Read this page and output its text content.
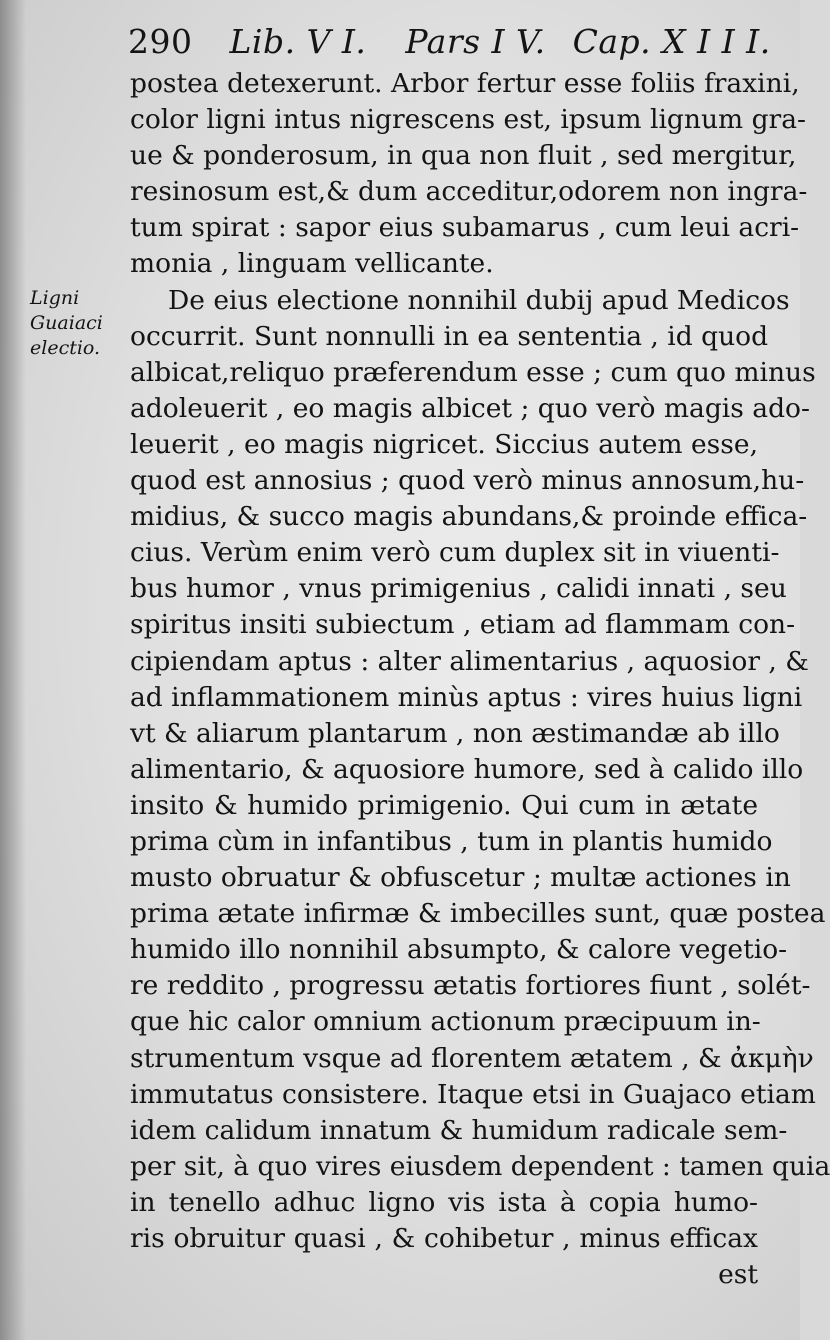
290 Lib. V I. Pars I V. Cap. X I I I.
Ligni
Guaiaci
electio.
postea detexerunt. Arbor fertur esse foliis fraxini,
color ligni intus nigrescens est, ipsum lignum gra-
ue & ponderosum, in qua non fluit , sed mergitur,
resinosum est,& dum acceditur,odorem non ingra-
tum spirat : sapor eius subamarus , cum leui acri-
monia , linguam vellicante.
De eius electione nonnihil dubij apud Medicos
occurrit. Sunt nonnulli in ea sententia , id quod
albicat,reliquo præferendum esse ; cum quo minus
adoleuerit , eo magis albicet ; quo verò magis ado-
leuerit , eo magis nigricet. Siccius autem esse,
quod est annosius ; quod verò minus annosum,hu-
midius, & succo magis abundans,& proinde effica-
cius. Verùm enim verò cum duplex sit in viuenti-
bus humor , vnus primigenius , calidi innati , seu
spiritus insiti subiectum , etiam ad flammam con-
cipiendam aptus : alter alimentarius , aquosior , &
ad inflammationem minùs aptus : vires huius ligni
vt & aliarum plantarum , non æstimandæ ab illo
alimentario, & aquosiore humore, sed à calido illo
insito & humido primigenio. Qui cum in ætate
prima cùm in infantibus , tum in plantis humido
musto obruatur & obfuscetur ; multæ actiones in
prima ætate infirmæ & imbecilles sunt, quæ postea
humido illo nonnihil absumpto, & calore vegetio-
re reddito , progressu ætatis fortiores fiunt , solét-
que hic calor omnium actionum præcipuum in-
strumentum vsque ad florentem ætatem , & ἀκμὴν
immutatus consistere. Itaque etsi in Guajaco etiam
idem calidum innatum & humidum radicale sem-
per sit, à quo vires eiusdem dependent : tamen quia
in tenello adhuc ligno vis ista à copia humo-
ris obruitur quasi , & cohibetur , minus efficax
est
